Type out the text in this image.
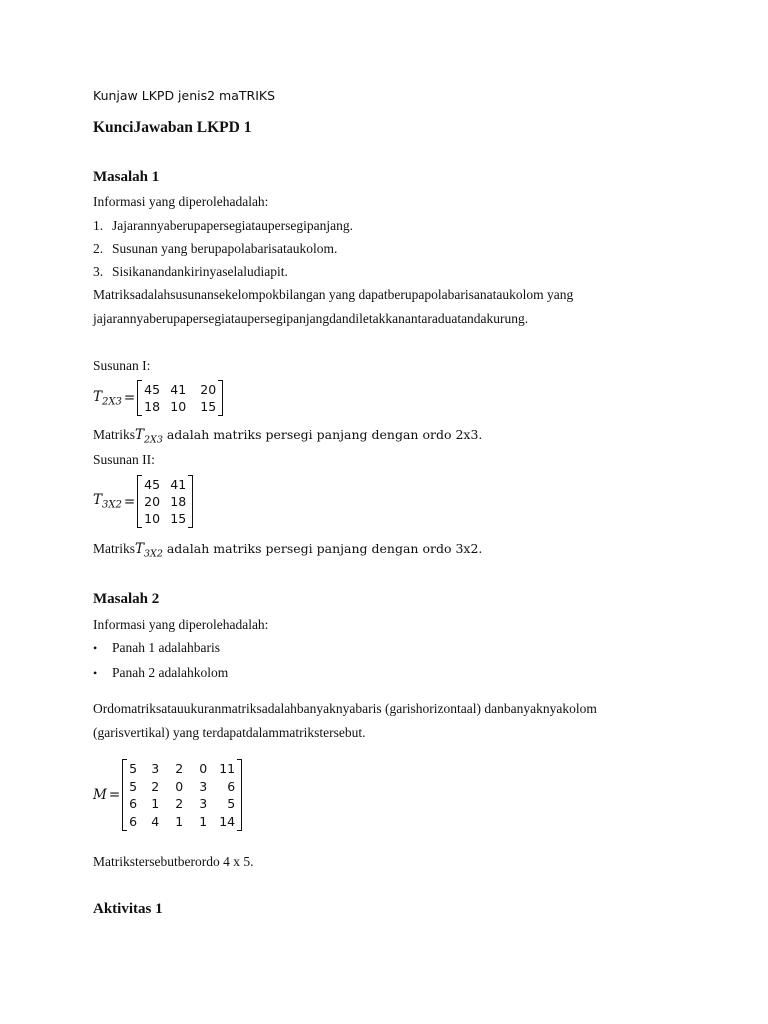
Kunjaw LKPD jenis2 maTRIKS
KunciJawaban LKPD 1
Masalah 1
Informasi yang diperolehadalah:
1. Jajarannyaberupapersegiataupersegipanjang.
2. Susunan yang berupapolabarisataukolom.
3. Sisikanandankirinyaselaludiapit.
Matriksadalahsusunansekelompokbilangan yang dapatberupapolabarisanataukolom yang
jajarannyaberupapersegiataupersegipanjangdandiletakkanantaraduatandakurung.
Susunan I:
$T_{2X3}$ =
45 41	20
18 10	15
MatriksT$_{2X3}$ adalah matriks persegi panjang dengan ordo 2x3.
Susunan II:
$T_{3X2}$ =
45 41
20 18
10 15
MatriksT$_{3X2}$ adalah matriks persegi panjang dengan ordo 3x2.
Masalah 2
Informasi yang diperolehadalah:
• Panah 1 adalahbaris
• Panah 2 adalahkolom
Ordomatriksatauukuranmatriksadalahbanyaknyabaris (garishorizontaal) danbanyaknyakolom
(garisvertikal) yang terdapatdalammatrikstersebut.
M =
5	3	2	0 11
5	2	0	3	6
6	1	2	3	5
6	4	1	1 14
Matrikstersebutberordo 4 x 5.
Aktivitas 1
